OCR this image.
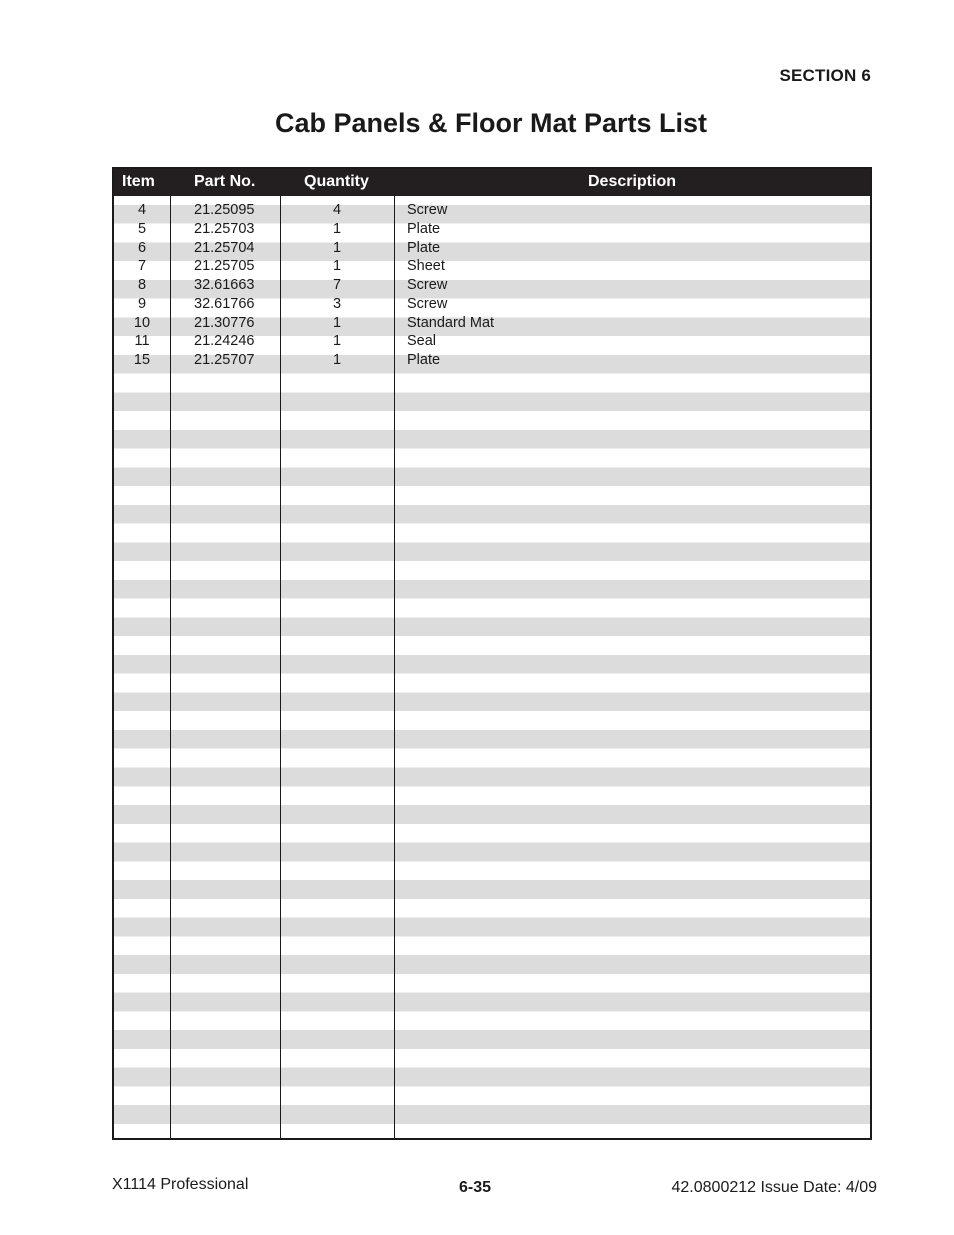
SECTION 6
Cab Panels & Floor Mat Parts List
Item	Part No.	Quantity	Description
4	21.25095	4	Screw
5	21.25703	1	Plate
6	21.25704	1	Plate
7	21.25705	1	Sheet
8	32.61663	7	Screw
9	32.61766	3	Screw
10	21.30776	1	Standard Mat
11	21.24246	1	Seal
15	21.25707	1	Plate
X1114 Professional	6-35	42.0800212 Issue Date: 4/09
